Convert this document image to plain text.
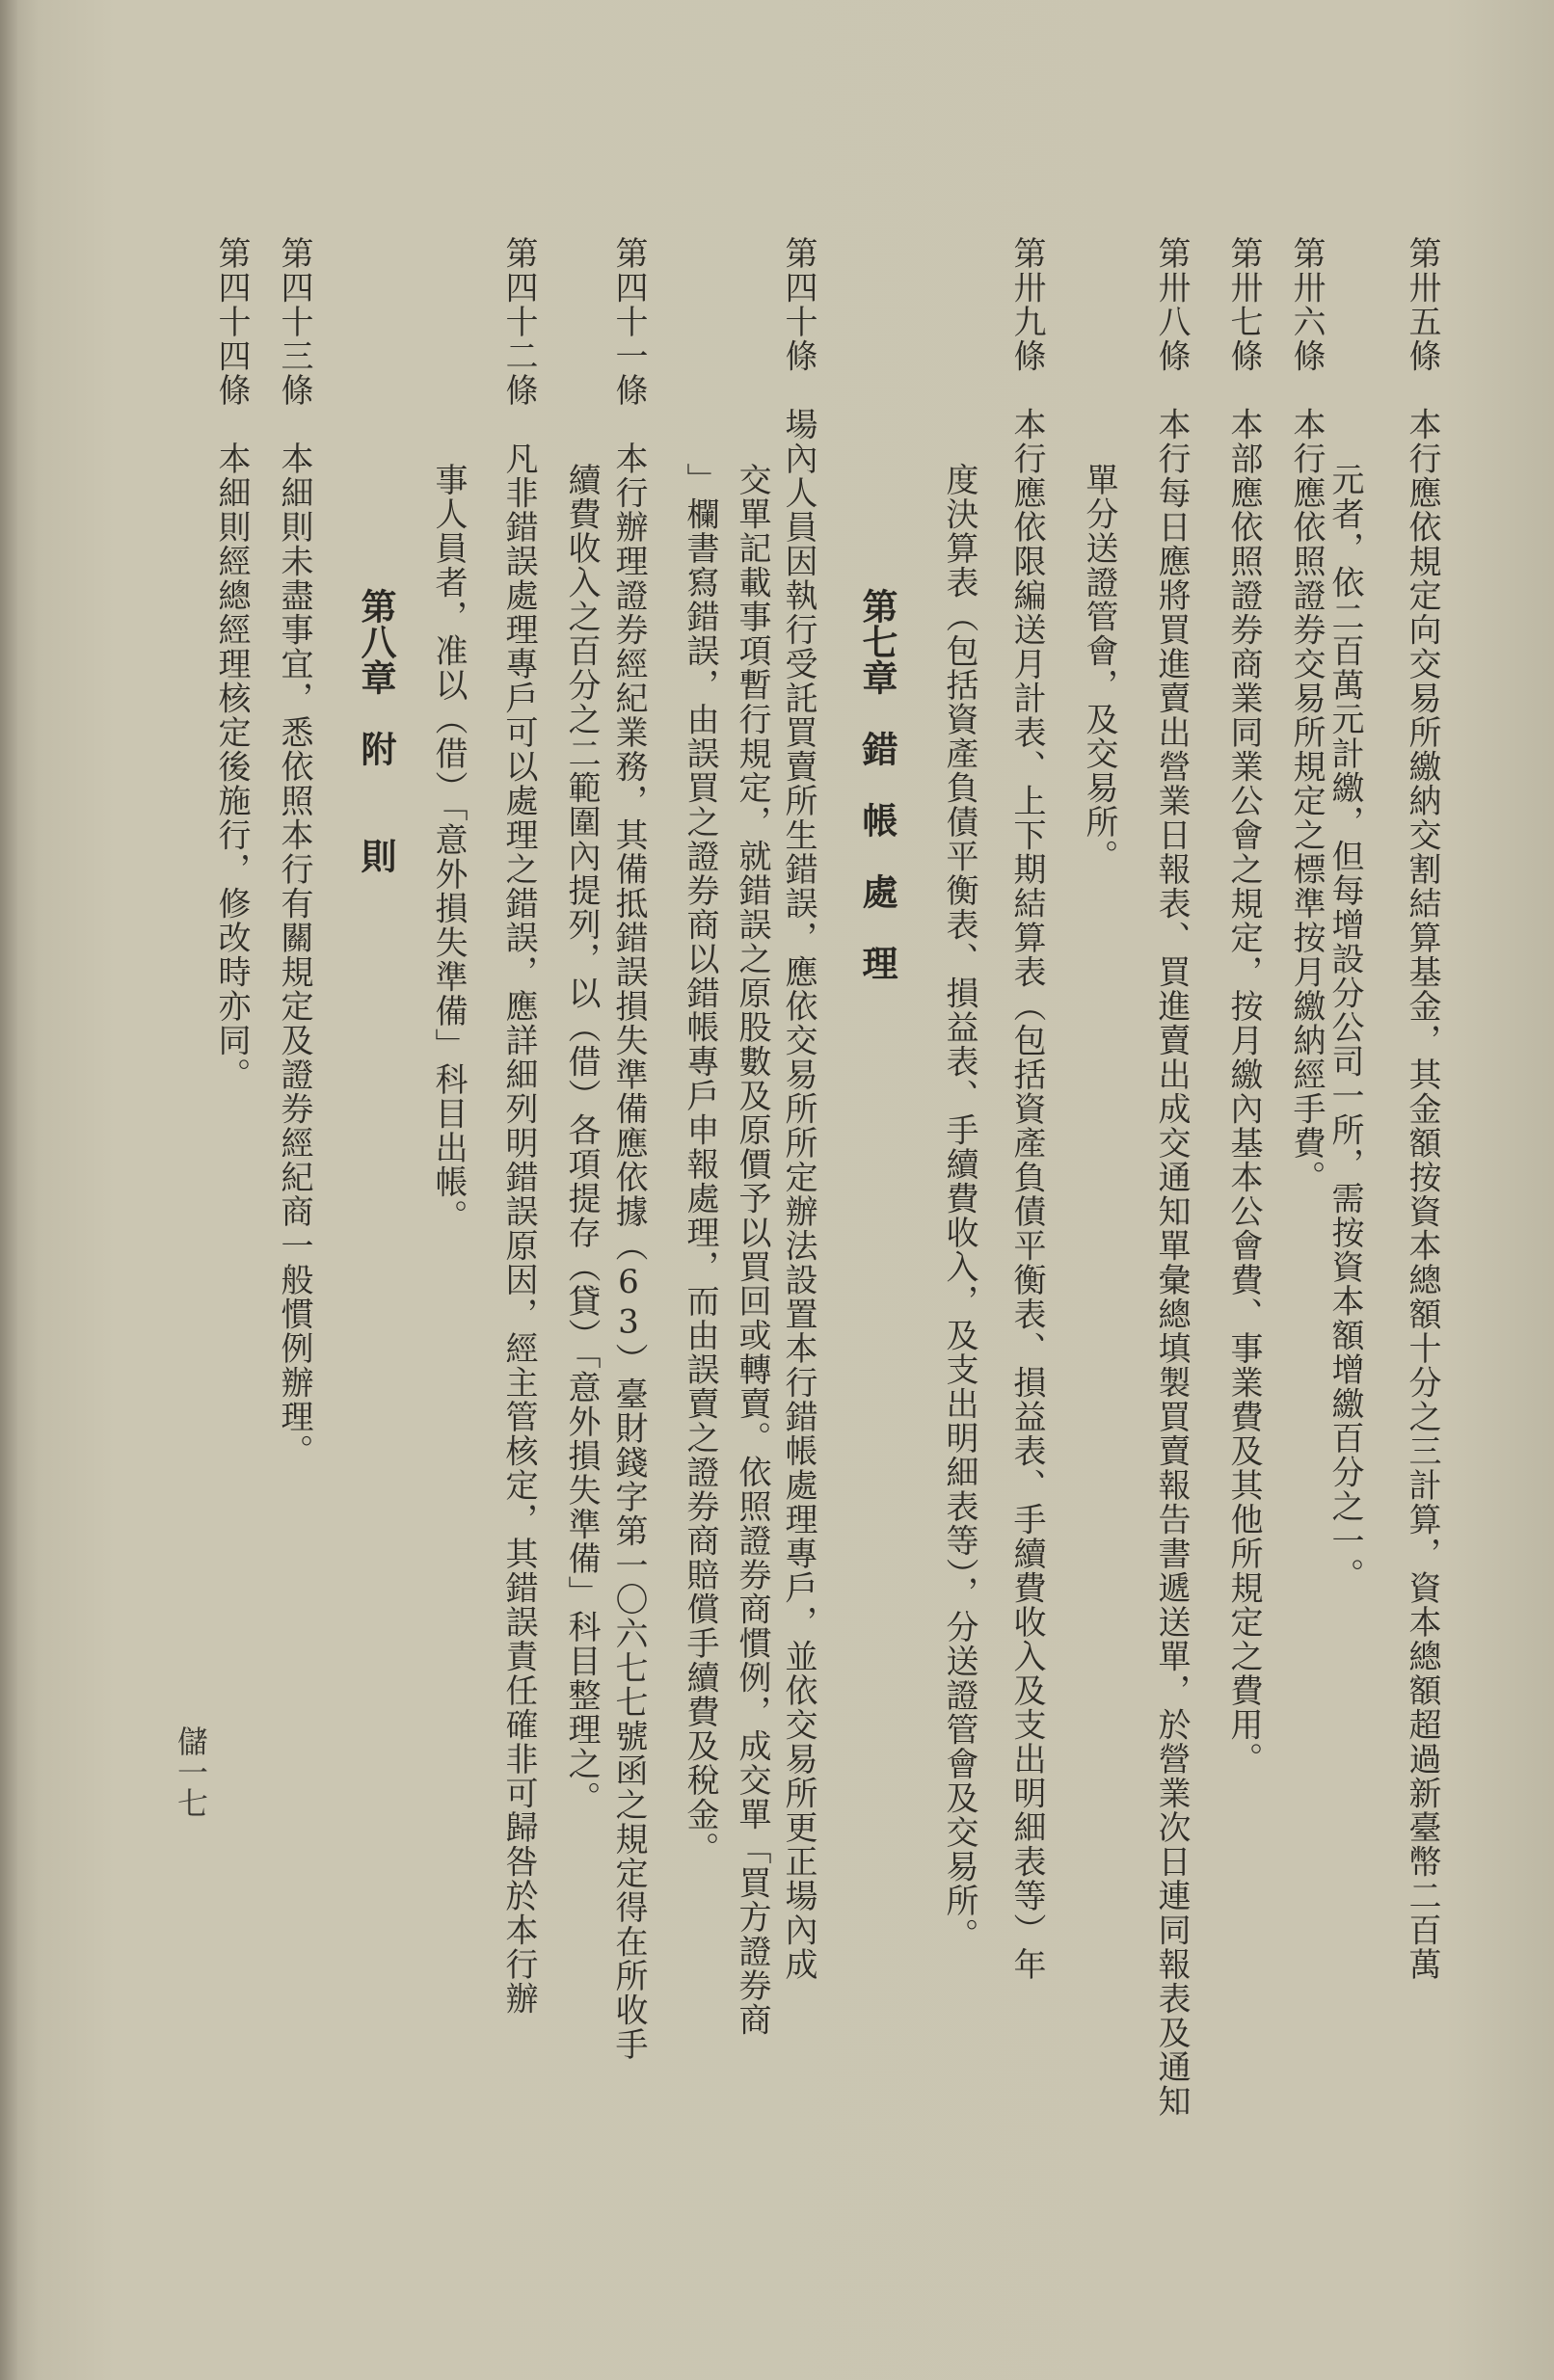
第卅五條　本行應依規定向交易所繳納交割結算基金，其金額按資本總額十分之三計算，資本總額超過新臺幣二百萬
元者，依二百萬元計繳，但每增設分公司一所，需按資本額增繳百分之一。
第卅六條　本行應依照證券交易所規定之標準按月繳納經手費。
第卅七條　本部應依照證券商業同業公會之規定，按月繳內基本公會費、事業費及其他所規定之費用。
第卅八條　本行每日應將買進賣出營業日報表、買進賣出成交通知單彙總填製買賣報告書遞送單，於營業次日連同報表及通知
單分送證管會，及交易所。
第卅九條　本行應依限編送月計表、上下期結算表（包括資產負債平衡表、損益表、手續費收入及支出明細表等）年
度決算表（包括資產負債平衡表、損益表、手續費收入，及支出明細表等），分送證管會及交易所。
第七章　錯　帳　處　理
第四十條　場內人員因執行受託買賣所生錯誤，應依交易所所定辦法設置本行錯帳處理專戶，並依交易所更正場內成
交單記載事項暫行規定，就錯誤之原股數及原價予以買回或轉賣。依照證券商慣例，成交單「買方證券商
」欄書寫錯誤，由誤買之證券商以錯帳專戶申報處理，而由誤賣之證券商賠償手續費及稅金。
第四十一條　本行辦理證券經紀業務，其備抵錯誤損失準備應依據（63）臺財錢字第一〇六七七號函之規定得在所收手
續費收入之百分之二範圍內提列，以（借）各項提存（貸）「意外損失準備」科目整理之。
第四十二條　凡非錯誤處理專戶可以處理之錯誤，應詳細列明錯誤原因，經主管核定，其錯誤責任確非可歸咎於本行辦
事人員者，准以（借）「意外損失準備」科目出帳。
第八章　附　　則
第四十三條　本細則未盡事宜，悉依照本行有關規定及證券經紀商一般慣例辦理。
第四十四條　本細則經總經理核定後施行，修改時亦同。
儲一七
